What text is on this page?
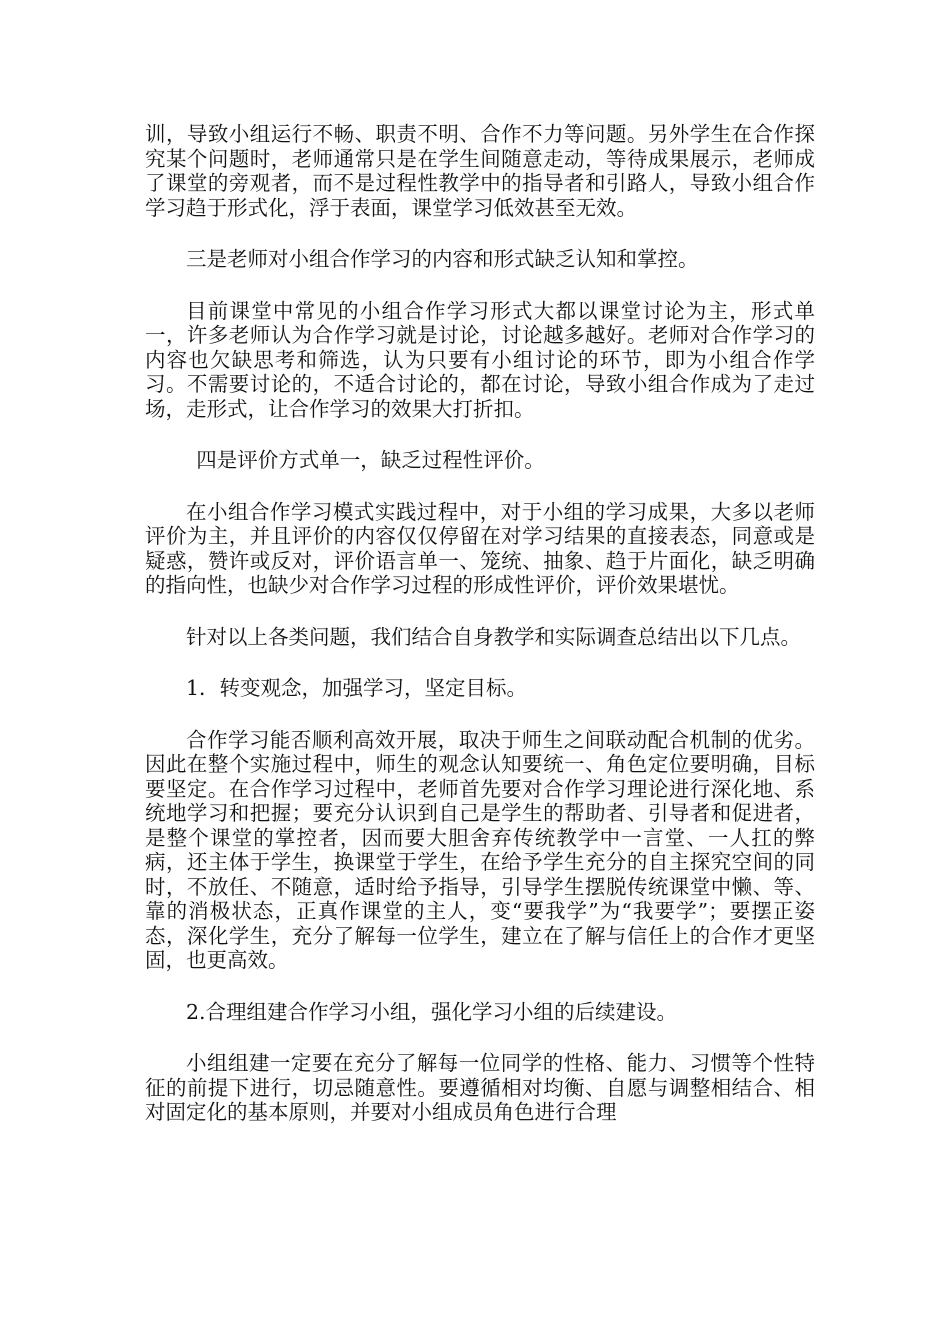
训，导致小组运行不畅、职责不明、合作不力等问题。另外学生在合作探究某个问题时，老师通常只是在学生间随意走动，等待成果展示，老师成了课堂的旁观者，而不是过程性教学中的指导者和引路人，导致小组合作学习趋于形式化，浮于表面，课堂学习低效甚至无效。

三是老师对小组合作学习的内容和形式缺乏认知和掌控。

目前课堂中常见的小组合作学习形式大都以课堂讨论为主，形式单一，许多老师认为合作学习就是讨论，讨论越多越好。老师对合作学习的内容也欠缺思考和筛选，认为只要有小组讨论的环节，即为小组合作学习。不需要讨论的，不适合讨论的，都在讨论，导致小组合作成为了走过场，走形式，让合作学习的效果大打折扣。

四是评价方式单一，缺乏过程性评价。

在小组合作学习模式实践过程中，对于小组的学习成果，大多以老师评价为主，并且评价的内容仅仅停留在对学习结果的直接表态，同意或是疑惑，赞许或反对，评价语言单一、笼统、抽象、趋于片面化，缺乏明确的指向性，也缺少对合作学习过程的形成性评价，评价效果堪忧。

针对以上各类问题，我们结合自身教学和实际调查总结出以下几点。

1．转变观念，加强学习，坚定目标。

合作学习能否顺利高效开展，取决于师生之间联动配合机制的优劣。因此在整个实施过程中，师生的观念认知要统一、角色定位要明确，目标要坚定。在合作学习过程中，老师首先要对合作学习理论进行深化地、系统地学习和把握；要充分认识到自己是学生的帮助者、引导者和促进者，是整个课堂的掌控者，因而要大胆舍弃传统教学中一言堂、一人扛的弊病，还主体于学生，换课堂于学生，在给予学生充分的自主探究空间的同时，不放任、不随意，适时给予指导，引导学生摆脱传统课堂中懒、等、靠的消极状态，正真作课堂的主人，变“要我学”为“我要学”；要摆正姿态，深化学生，充分了解每一位学生，建立在了解与信任上的合作才更坚固，也更高效。

2.合理组建合作学习小组，强化学习小组的后续建设。

小组组建一定要在充分了解每一位同学的性格、能力、习惯等个性特征的前提下进行，切忌随意性。要遵循相对均衡、自愿与调整相结合、相对固定化的基本原则，并要对小组成员角色进行合理
